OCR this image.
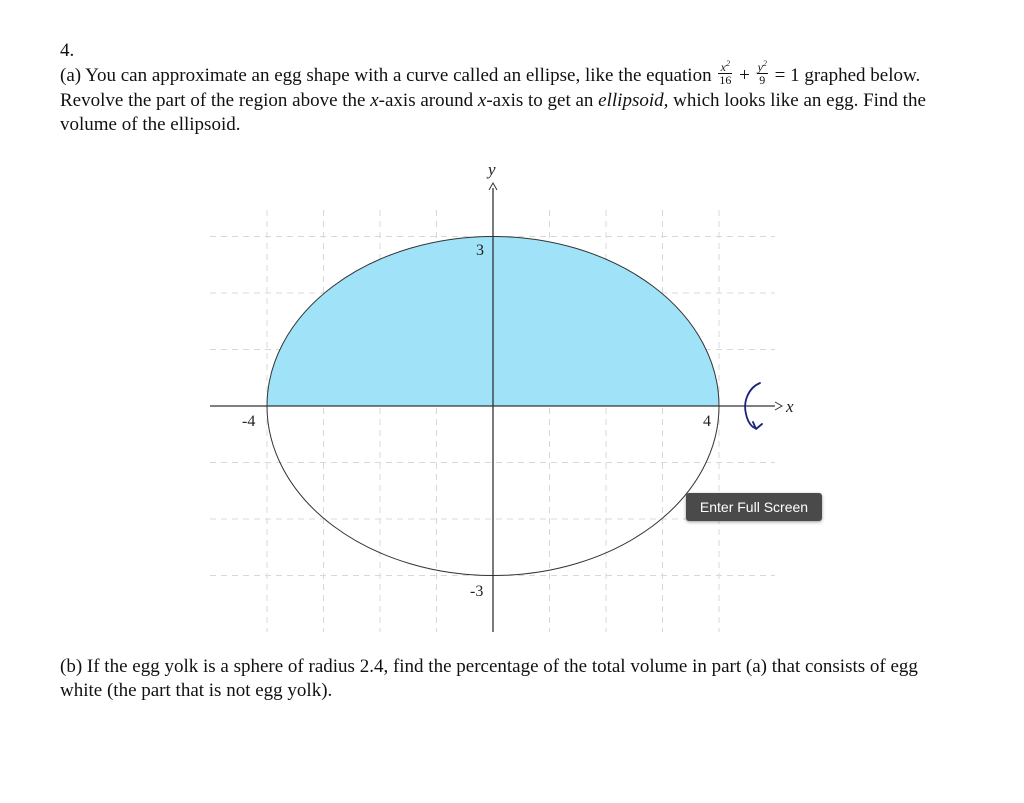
4.
(a) You can approximate an egg shape with a curve called an ellipse, like the equation $\frac{x^2}{16} + \frac{y^2}{9} = 1$ graphed below. Revolve the part of the region above the x-axis around x-axis to get an ellipsoid, which looks like an egg. Find the volume of the ellipsoid.
x
y
-4	4
3
-3
Enter Full Screen
(b) If the egg yolk is a sphere of radius 2.4, find the percentage of the total volume in part (a) that consists of egg white (the part that is not egg yolk).
